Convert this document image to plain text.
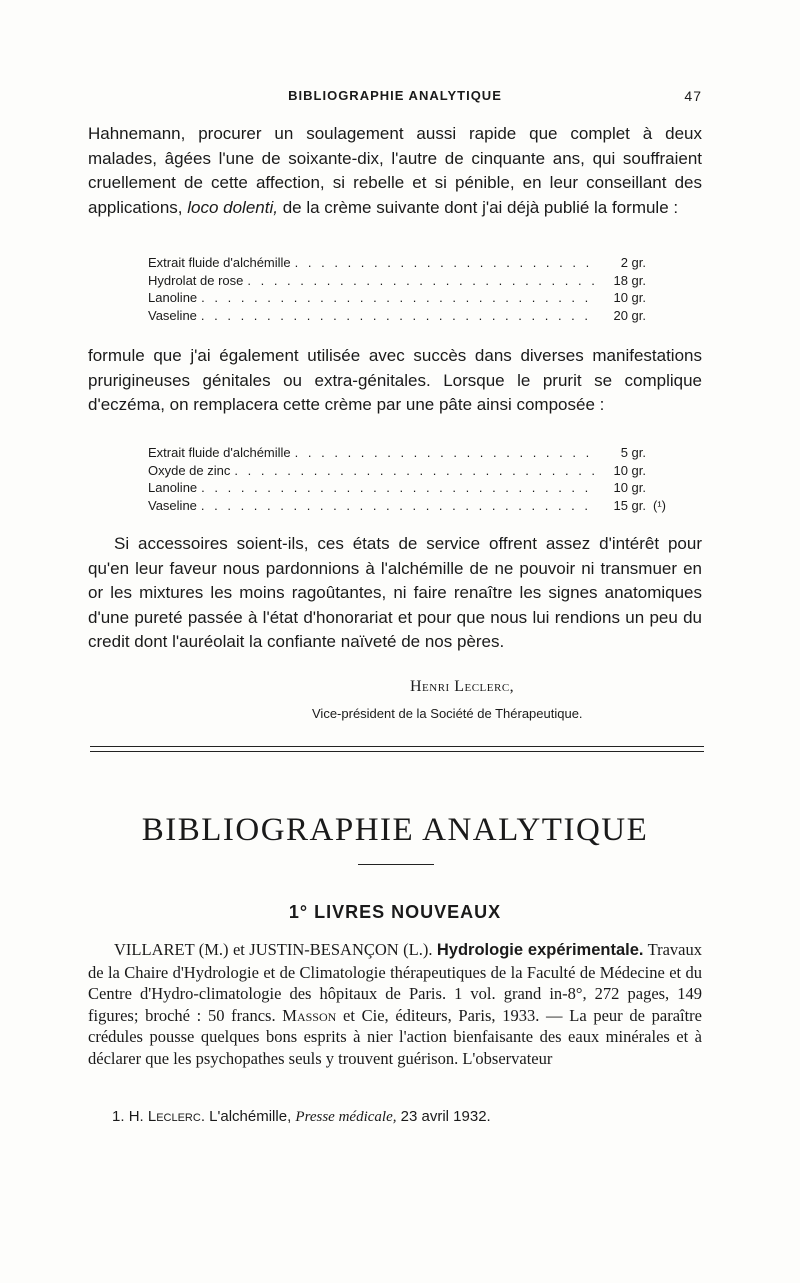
BIBLIOGRAPHIE ANALYTIQUE	47

Hahnemann, procurer un soulagement aussi rapide que complet à deux malades, âgées l'une de soixante-dix, l'autre de cinquante ans, qui souffraient cruellement de cette affection, si rebelle et si pénible, en leur conseillant des applications, loco dolenti, de la crème suivante dont j'ai déjà publié la formule :

Extrait fluide d'alchémille . . .	2 gr.
Hydrolat de rose . . .	18 gr.
Lanoline . . .	10 gr.
Vaseline . . .	20 gr.

formule que j'ai également utilisée avec succès dans diverses manifestations prurigineuses génitales ou extra-génitales. Lorsque le prurit se complique d'eczéma, on remplacera cette crème par une pâte ainsi composée :

Extrait fluide d'alchémille . . .	5 gr.
Oxyde de zinc . . .	10 gr.
Lanoline . . .	10 gr.
Vaseline . . .	15 gr. (¹)

Si accessoires soient-ils, ces états de service offrent assez d'intérêt pour qu'en leur faveur nous pardonnions à l'alchémille de ne pouvoir ni transmuer en or les mixtures les moins ragoûtantes, ni faire renaître les signes anatomiques d'une pureté passée à l'état d'honorariat et pour que nous lui rendions un peu du credit dont l'auréolait la confiante naïveté de nos pères.

Henri Leclerc,
Vice-président de la Société de Thérapeutique.
BIBLIOGRAPHIE ANALYTIQUE
1° LIVRES NOUVEAUX
VILLARET (M.) et JUSTIN-BESANÇON (L.). Hydrologie expérimentale. Travaux de la Chaire d'Hydrologie et de Climatologie thérapeutiques de la Faculté de Médecine et du Centre d'Hydro-climatologie des hôpitaux de Paris. 1 vol. grand in-8°, 272 pages, 149 figures; broché : 50 francs. Masson et Cie, éditeurs, Paris, 1933. — La peur de paraître crédules pousse quelques bons esprits à nier l'action bienfaisante des eaux minérales et à déclarer que les psychopathes seuls y trouvent guérison. L'observateur
1. H. Leclerc. L'alchémille, Presse médicale, 23 avril 1932.
